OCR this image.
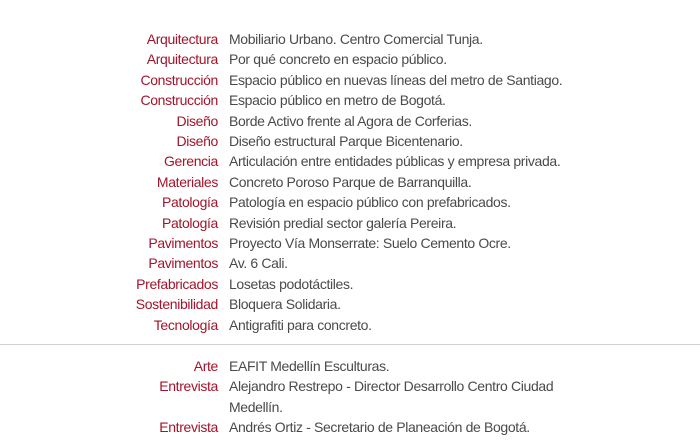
Arquitectura Mobiliario Urbano. Centro Comercial Tunja.
Arquitectura Por qué concreto en espacio público.
Construcción Espacio público en nuevas líneas del metro de Santiago.
Construcción Espacio público en metro de Bogotá.
Diseño Borde Activo frente al Agora de Corferias.
Diseño Diseño estructural Parque Bicentenario.
Gerencia Articulación entre entidades públicas y empresa privada.
Materiales Concreto Poroso Parque de Barranquilla.
Patología Patología en espacio público con prefabricados.
Patología Revisión predial sector galería Pereira.
Pavimentos Proyecto Vía Monserrate: Suelo Cemento Ocre.
Pavimentos Av. 6 Cali.
Prefabricados Losetas podotáctiles.
Sostenibilidad Bloquera Solidaria.
Tecnología Antigrafiti para concreto.
Arte EAFIT Medellín Esculturas.
Entrevista Alejandro Restrepo - Director Desarrollo Centro Ciudad Medellín.
Entrevista Andrés Ortiz - Secretario de Planeación de Bogotá.
